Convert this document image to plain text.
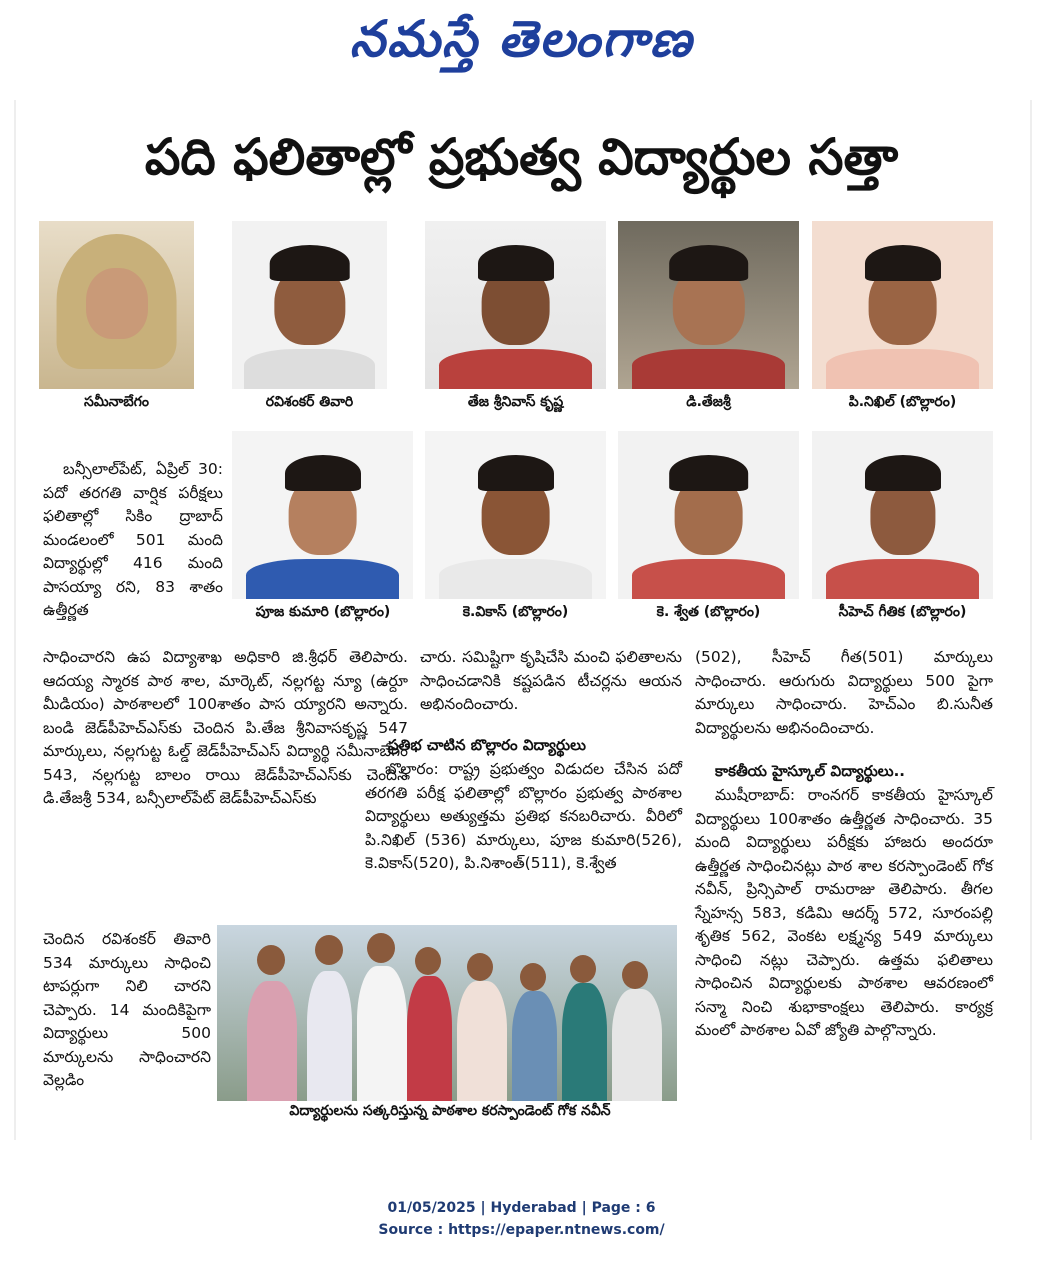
నమస్తే తెలంగాణ
పది ఫలితాల్లో ప్రభుత్వ విద్యార్థుల సత్తా
సమీనాబేగం	రవిశంకర్ తివారి	తేజ శ్రీనివాస్ కృష్ణ	డి.తేజశ్రీ	పి.నిఖిల్ (బొల్లారం)
పూజ కుమారి (బొల్లారం)	కె.వికాస్ (బొల్లారం)	కె. శ్వేత (బొల్లారం)	సీహెచ్ గీతిక (బొల్లారం)

బన్సీలాల్‌పేట్, ఏప్రిల్ 30: పదో తరగతి వార్షిక పరీక్షలు ఫలితాల్లో సికిం ద్రాబాద్ మండలంలో 501 మంది విద్యార్థుల్లో 416 మంది పాసయ్యా రని, 83 శాతం ఉత్తీర్ణత

సాధించారని ఉప విద్యాశాఖ అధికారి జి.శ్రీధర్ తెలిపారు. ఆదయ్య స్మారక పాఠ శాల, మార్కెట్, నల్లగట్ట న్యూ (ఉర్దూ మీడియం) పాఠశాలలో 100శాతం పాస య్యారని అన్నారు. బండి జెడ్‌పీహెచ్‌ఎస్‌కు చెందిన పి.తేజ శ్రీనివాసకృష్ణ 547 మార్కులు, నల్లగుట్ట ఓల్డ్ జెడ్‌పీహెచ్‌ఎస్ విద్యార్థి సమీనాబేగం 543, నల్లగుట్ట బాలం రాయి జెడ్‌పీహెచ్‌ఎస్‌కు చెందిన డి.తేజశ్రీ 534, బన్సీలాల్‌పేట్ జెడ్‌పీహెచ్‌ఎస్‌కు

చెందిన రవిశంకర్ తివారి 534 మార్కులు సాధించి టాపర్లుగా నిలి చారని చెప్పారు. 14 మందికిపైగా విద్యార్థులు 500 మార్కులను సాధించారని వెల్లడిం

చారు. సమిష్టిగా కృషిచేసి మంచి ఫలితాలను సాధించడానికి కష్టపడిన టీచర్లను ఆయన అభినందించారు.

ప్రతిభ చాటిన బొల్లారం విద్యార్థులు

బొల్లారం: రాష్ట్ర ప్రభుత్వం విడుదల చేసిన పదో తరగతి పరీక్ష ఫలితాల్లో బొల్లారం ప్రభుత్వ పాఠశాల విద్యార్థులు అత్యుత్తమ ప్రతిభ కనబరిచారు. వీరిలో పి.నిఖిల్ (536) మార్కులు, పూజ కుమారి(526), కె.వికాస్(520), పి.నిశాంత్(511), కె.శ్వేత

(502), సీహెచ్ గీత(501) మార్కులు సాధించారు. ఆరుగురు విద్యార్థులు 500 పైగా మార్కులు సాధించారు. హెచ్‌ఎం బి.సునీత విద్యార్థులను అభినందించారు.

కాకతీయ హైస్కూల్ విద్యార్థులు..

ముషీరాబాద్: రాంనగర్ కాకతీయ హైస్కూల్ విద్యార్థులు 100శాతం ఉత్తీర్ణత సాధించారు. 35 మంది విద్యార్థులు పరీక్షకు హాజరు అందరూ ఉత్తీర్ణత సాధించినట్లు పాఠ శాల కరస్పాండెంట్ గోక నవీన్, ప్రిన్సిపాల్ రామరాజు తెలిపారు. తీగల స్నేహన్స 583, కడిమి ఆదర్శ్ 572, సూరంపల్లి శృతిక 562, వెంకట లక్ష్మన్య 549 మార్కులు సాధించి నట్లు చెప్పారు. ఉత్తమ ఫలితాలు సాధించిన విద్యార్థులకు పాఠశాల ఆవరణంలో సన్మా నించి శుభాకాంక్షలు తెలిపారు. కార్యక్ర మంలో పాఠశాల ఏవో జ్యోతి పాల్గొన్నారు.

విద్యార్థులను సత్కరిస్తున్న పాఠశాల కరస్పాండెంట్ గోక నవీన్
01/05/2025 | Hyderabad | Page : 6
Source : https://epaper.ntnews.com/
